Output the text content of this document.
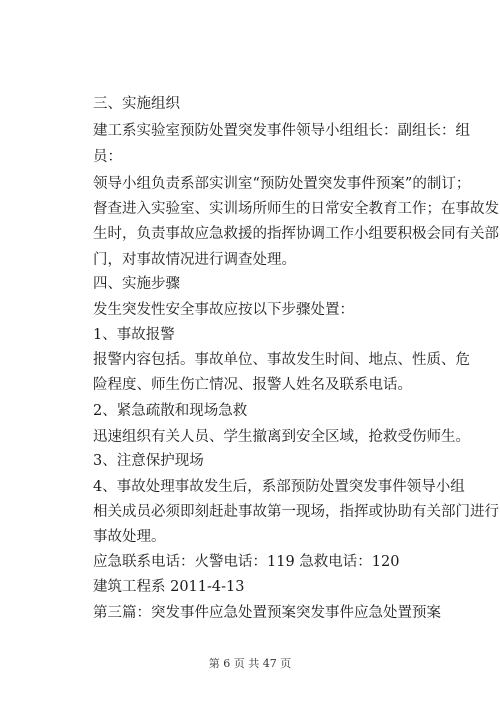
三、实施组织
建工系实验室预防处置突发事件领导小组组长：副组长：组
员：
领导小组负责系部实训室“预防处置突发事件预案”的制订；
督查进入实验室、实训场所师生的日常安全教育工作；在事故发
生时，负责事故应急救援的指挥协调工作小组要积极会同有关部
门，对事故情况进行调查处理。
四、实施步骤
发生突发性安全事故应按以下步骤处置：
1、事故报警
报警内容包括。事故单位、事故发生时间、地点、性质、危
险程度、师生伤亡情况、报警人姓名及联系电话。
2、紧急疏散和现场急救
迅速组织有关人员、学生撤离到安全区域，抢救受伤师生。
3、注意保护现场
4、事故处理事故发生后，系部预防处置突发事件领导小组
相关成员必须即刻赶赴事故第一现场，指挥或协助有关部门进行
事故处理。
应急联系电话：火警电话：119 急救电话：120
建筑工程系 2011-4-13
第三篇：突发事件应急处置预案突发事件应急处置预案
第 6 页 共 47 页
